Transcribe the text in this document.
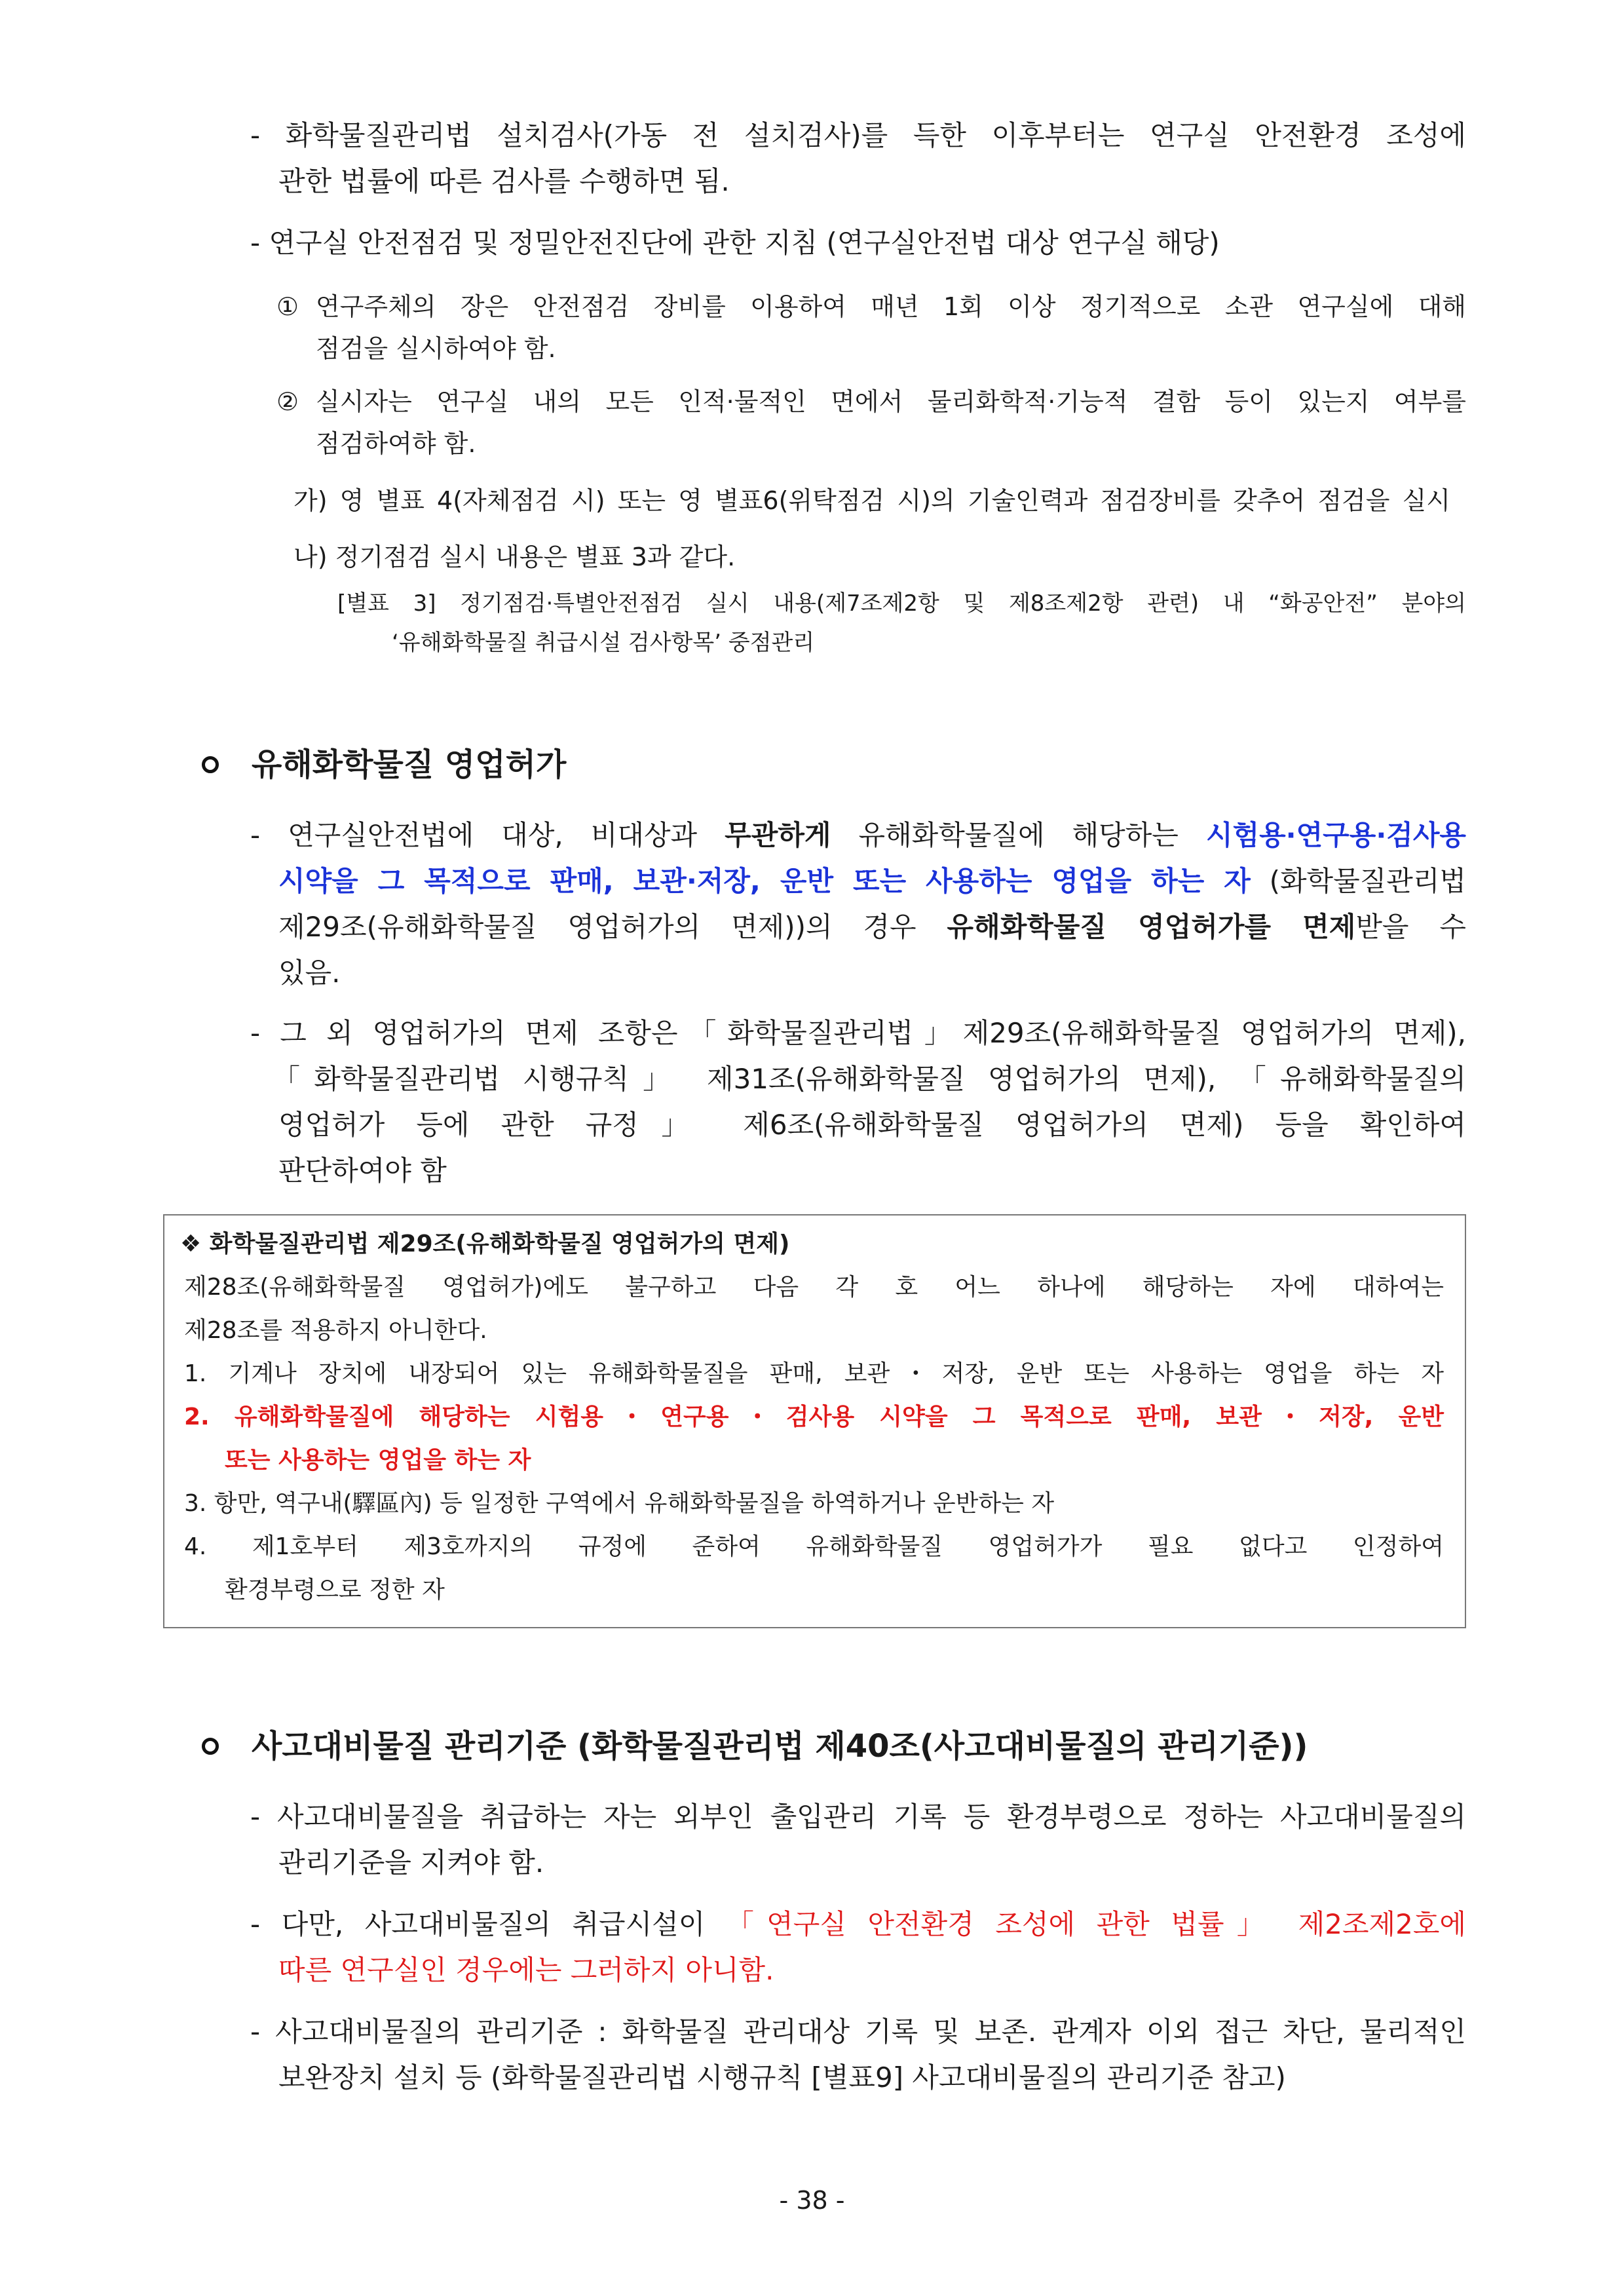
- 화학물질관리법 설치검사(가동 전 설치검사)를 득한 이후부터는 연구실 안전환경 조성에
관한 법률에 따른 검사를 수행하면 됨.
- 연구실 안전점검 및 정밀안전진단에 관한 지침 (연구실안전법 대상 연구실 해당)
① 연구주체의 장은 안전점검 장비를 이용하여 매년 1회 이상 정기적으로 소관 연구실에 대해
점검을 실시하여야 함.
② 실시자는 연구실 내의 모든 인적·물적인 면에서 물리화학적·기능적 결함 등이 있는지 여부를
점검하여햐 함.
가) 영 별표 4(자체점검 시) 또는 영 별표6(위탁점검 시)의 기술인력과 점검장비를 갖추어 점검을 실시
나) 정기점검 실시 내용은 별표 3과 같다.
[별표 3] 정기점검·특별안전점검 실시 내용(제7조제2항 및 제8조제2항 관련) 내 “화공안전” 분야의
‘유해화학물질 취급시설 검사항목’ 중점관리
유해화학물질 영업허가
- 연구실안전법에 대상, 비대상과 무관하게 유해화학물질에 해당하는 시험용·연구용·검사용
시약을 그 목적으로 판매, 보관·저장, 운반 또는 사용하는 영업을 하는 자 (화학물질관리법
제29조(유해화학물질 영업허가의 면제))의 경우 유해화학물질 영업허가를 면제받을 수
있음.
- 그 외 영업허가의 면제 조항은「화학물질관리법」제29조(유해화학물질 영업허가의 면제),
「화학물질관리법 시행규칙」 제31조(유해화학물질 영업허가의 면제), 「유해화학물질의
영업허가 등에 관한 규정」 제6조(유해화학물질 영업허가의 면제) 등을 확인하여
판단하여야 함
❖ 화학물질관리법 제29조(유해화학물질 영업허가의 면제)
제28조(유해화학물질 영업허가)에도 불구하고 다음 각 호 어느 하나에 해당하는 자에 대하여는
제28조를 적용하지 아니한다.
1. 기계나 장치에 내장되어 있는 유해화학물질을 판매, 보관・저장, 운반 또는 사용하는 영업을 하는 자
2. 유해화학물질에 해당하는 시험용・연구용・검사용 시약을 그 목적으로 판매, 보관・저장, 운반
또는 사용하는 영업을 하는 자
3. 항만, 역구내(驛區內) 등 일정한 구역에서 유해화학물질을 하역하거나 운반하는 자
4. 제1호부터 제3호까지의 규정에 준하여 유해화학물질 영업허가가 필요 없다고 인정하여
환경부령으로 정한 자
사고대비물질 관리기준 (화학물질관리법 제40조(사고대비물질의 관리기준))
- 사고대비물질을 취급하는 자는 외부인 출입관리 기록 등 환경부령으로 정하는 사고대비물질의
관리기준을 지켜야 함.
- 다만, 사고대비물질의 취급시설이 「연구실 안전환경 조성에 관한 법률」 제2조제2호에
따른 연구실인 경우에는 그러하지 아니함.
- 사고대비물질의 관리기준 : 화학물질 관리대상 기록 및 보존. 관계자 이외 접근 차단, 물리적인
보완장치 설치 등 (화학물질관리법 시행규칙 [별표9] 사고대비물질의 관리기준 참고)
- 38 -
